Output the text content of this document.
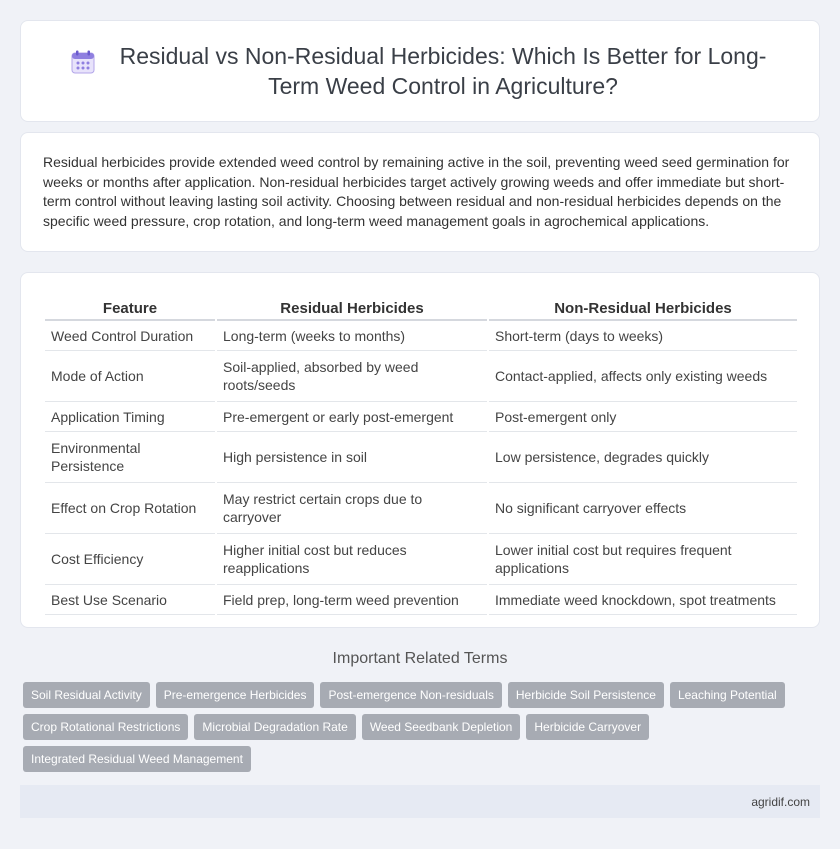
Residual vs Non-Residual Herbicides: Which Is Better for Long-Term Weed Control in Agriculture?

Residual herbicides provide extended weed control by remaining active in the soil, preventing weed seed germination for weeks or months after application. Non-residual herbicides target actively growing weeds and offer immediate but short-term control without leaving lasting soil activity. Choosing between residual and non-residual herbicides depends on the specific weed pressure, crop rotation, and long-term weed management goals in agrochemical applications.

Feature	Residual Herbicides	Non-Residual Herbicides
Weed Control Duration	Long-term (weeks to months)	Short-term (days to weeks)
Mode of Action	Soil-applied, absorbed by weed roots/seeds	Contact-applied, affects only existing weeds
Application Timing	Pre-emergent or early post-emergent	Post-emergent only
Environmental Persistence	High persistence in soil	Low persistence, degrades quickly
Effect on Crop Rotation	May restrict certain crops due to carryover	No significant carryover effects
Cost Efficiency	Higher initial cost but reduces reapplications	Lower initial cost but requires frequent applications
Best Use Scenario	Field prep, long-term weed prevention	Immediate weed knockdown, spot treatments
Important Related Terms
Soil Residual Activity	Pre-emergence Herbicides	Post-emergence Non-residuals	Herbicide Soil Persistence	Leaching Potential
Crop Rotational Restrictions	Microbial Degradation Rate	Weed Seedbank Depletion	Herbicide Carryover
Integrated Residual Weed Management
agridif.com
